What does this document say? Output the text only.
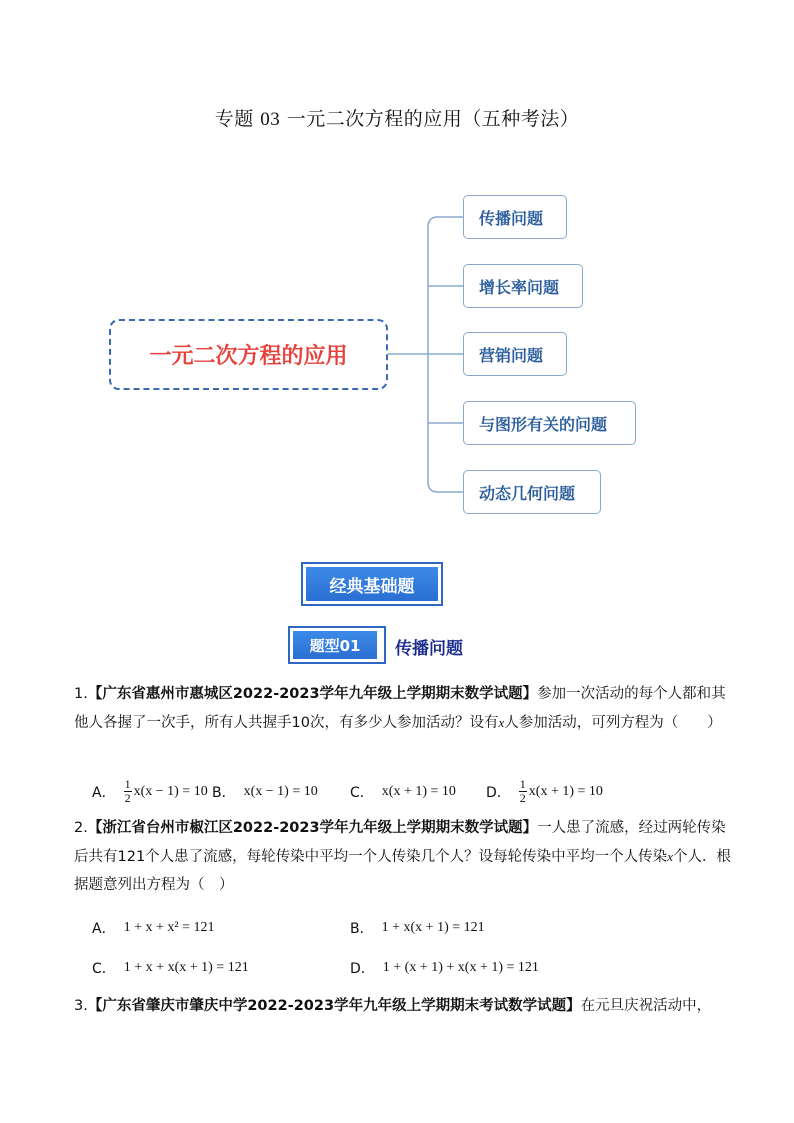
专题 03 一元二次方程的应用（五种考法）
一元二次方程的应用
传播问题
增长率问题
营销问题
与图形有关的问题
动态几何问题
经典基础题
题型01	传播问题
1.【广东省惠州市惠城区2022-2023学年九年级上学期期末数学试题】参加一次活动的每个人都和其他人各握了一次手，所有人共握手10次，有多少人参加活动？设有x人参加活动，可列方程为（　　）
A． $\frac{1}{2} x(x - 1) = 10$ B． x(x − 1) = 10 C． x(x + 1) = 10 D． $\frac{1}{2} x(x + 1) = 10$
2.【浙江省台州市椒江区2022-2023学年九年级上学期期末数学试题】一人患了流感，经过两轮传染后共有121个人患了流感，每轮传染中平均一个人传染几个人？设每轮传染中平均一个人传染x个人．根据题意列出方程为（　）
A． 1 + x + x² = 121	B． 1 + x(x + 1) = 121
C． 1 + x + x(x + 1) = 121	D． 1 + (x + 1) + x(x + 1) = 121
3.【广东省肇庆市肇庆中学2022-2023学年九年级上学期期末考试数学试题】在元旦庆祝活动中，
